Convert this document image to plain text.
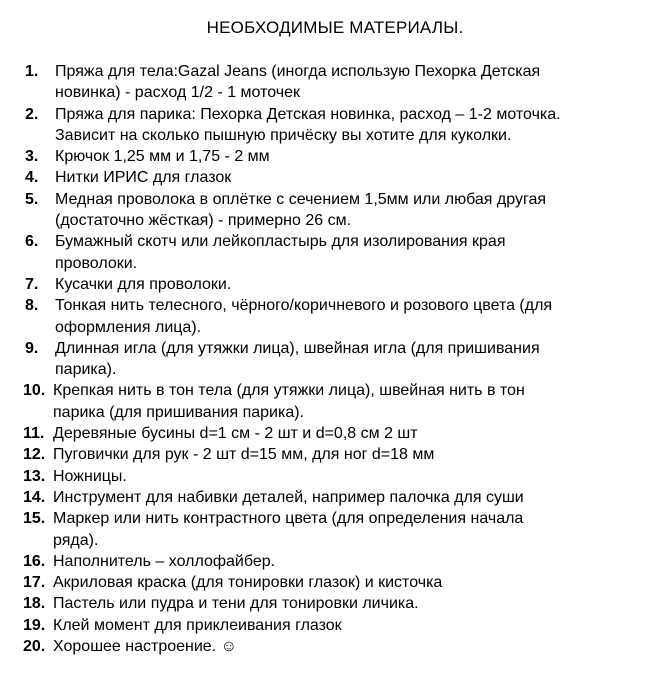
НЕОБХОДИМЫЕ МАТЕРИАЛЫ.
1.	Пряжа для тела:Gazal Jeans (иногда использую Пехорка Детская
новинка) - расход 1/2 - 1 моточек
2.	Пряжа для парика: Пехорка Детская новинка, расход – 1-2 моточка.
Зависит на сколько пышную причёску вы хотите для куколки.
3.	Крючок 1,25 мм и 1,75 - 2 мм
4.	Нитки ИРИС для глазок
5.	Медная проволока в оплётке с сечением 1,5мм или любая другая
(достаточно жёсткая) - примерно 26 см.
6.	Бумажный скотч или лейкопластырь для изолирования края
проволоки.
7.	Кусачки для проволоки.
8.	Тонкая нить телесного, чёрного/коричневого и розового цвета (для
оформления лица).
9.	Длинная игла (для утяжки лица), швейная игла (для пришивания
парика).
10. Крепкая нить в тон тела (для утяжки лица), швейная нить в тон
парика (для пришивания парика).
11. Деревяные бусины d=1 см - 2 шт и d=0,8 см 2 шт
12. Пуговички для рук - 2 шт d=15 мм, для ног d=18 мм
13. Ножницы.
14. Инструмент для набивки деталей, например палочка для суши
15. Маркер или нить контрастного цвета (для определения начала
ряда).
16. Наполнитель – холлофайбер.
17. Акриловая краска (для тонировки глазок) и кисточка
18. Пастель или пудра и тени для тонировки личика.
19. Клей момент для приклеивания глазок
20. Хорошее настроение. ☺
